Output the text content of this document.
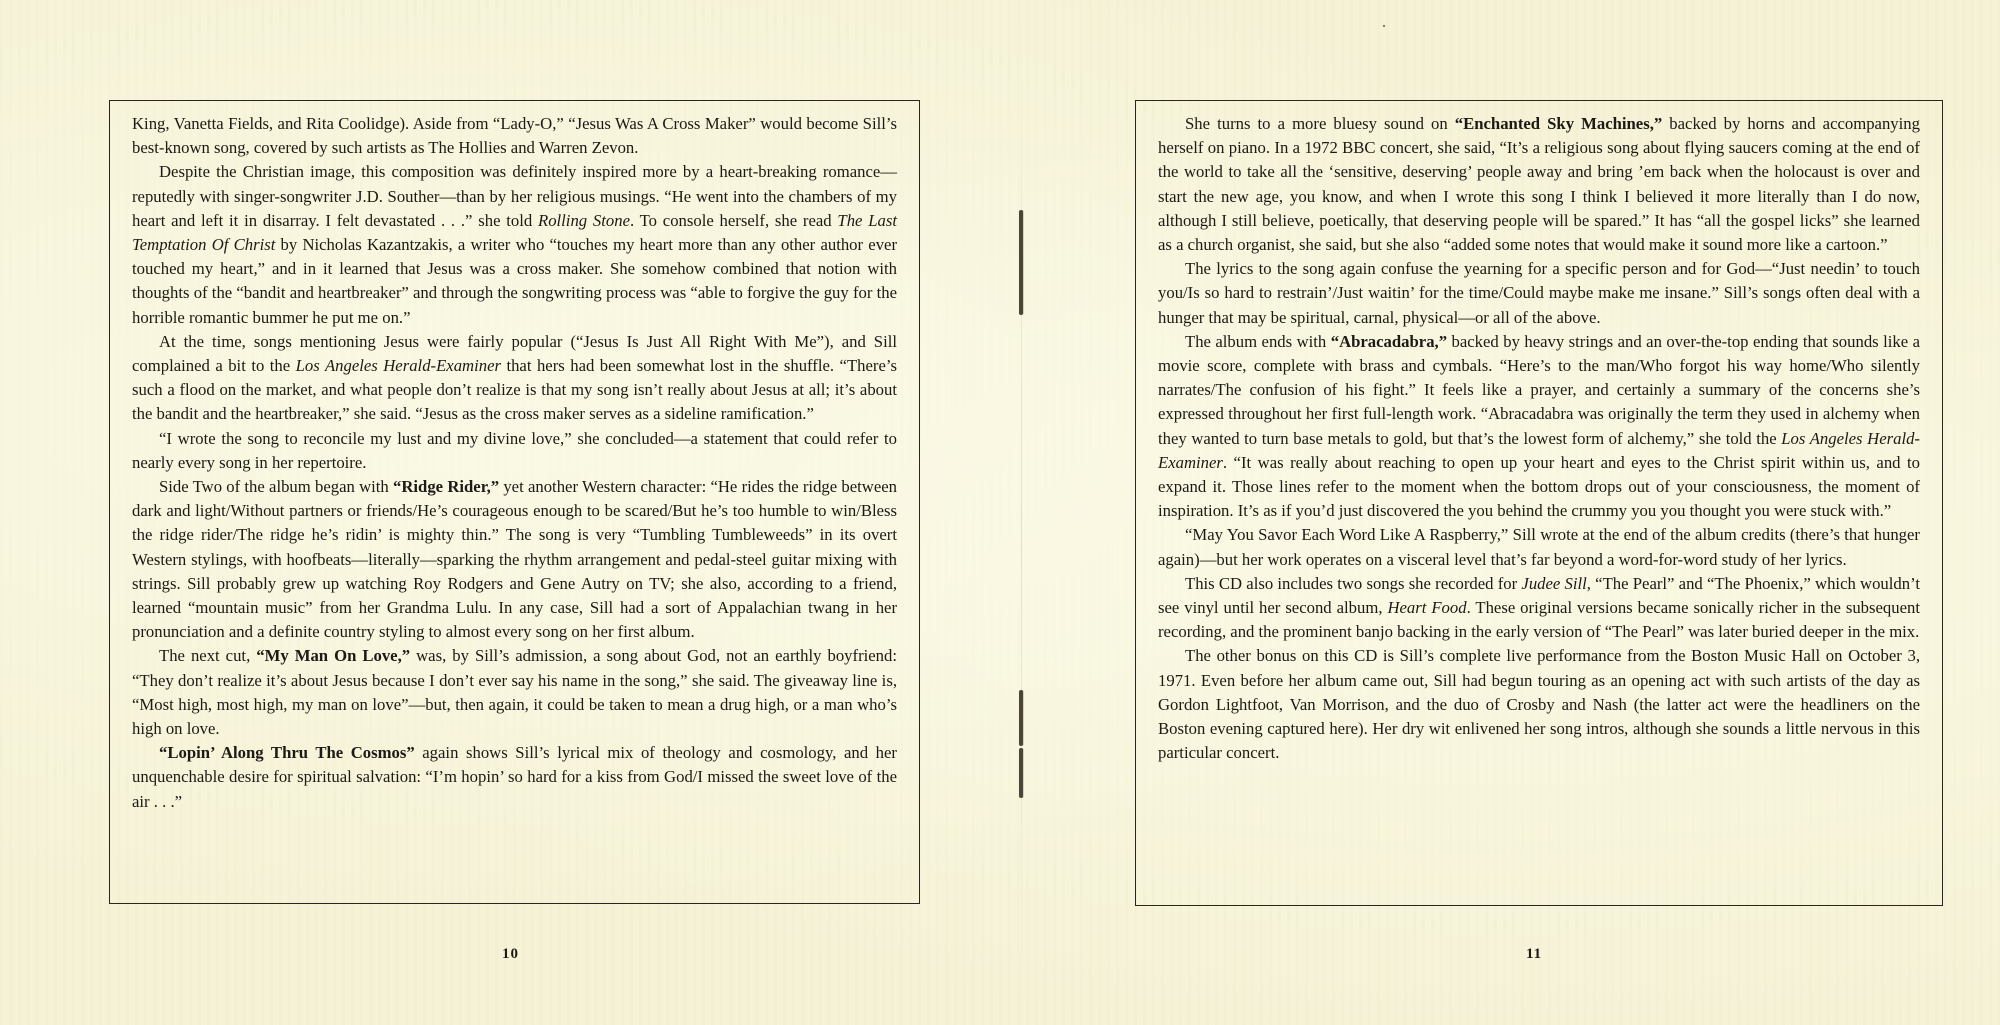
King, Vanetta Fields, and Rita Coolidge). Aside from “Lady-O,” “Jesus Was A Cross Maker” would become Sill’s best-known song, covered by such artists as The Hollies and Warren Zevon.

Despite the Christian image, this composition was definitely inspired more by a heart-breaking romance—reputedly with singer-songwriter J.D. Souther—than by her religious musings. “He went into the chambers of my heart and left it in disarray. I felt devastated . . .” she told Rolling Stone. To console herself, she read The Last Temptation Of Christ by Nicholas Kazantzakis, a writer who “touches my heart more than any other author ever touched my heart,” and in it learned that Jesus was a cross maker. She somehow combined that notion with thoughts of the “bandit and heartbreaker” and through the songwriting process was “able to forgive the guy for the horrible romantic bummer he put me on.”

At the time, songs mentioning Jesus were fairly popular (“Jesus Is Just All Right With Me”), and Sill complained a bit to the Los Angeles Herald-Examiner that hers had been somewhat lost in the shuffle. “There’s such a flood on the market, and what people don’t realize is that my song isn’t really about Jesus at all; it’s about the bandit and the heartbreaker,” she said. “Jesus as the cross maker serves as a sideline ramification.”

“I wrote the song to reconcile my lust and my divine love,” she concluded—a statement that could refer to nearly every song in her repertoire.

Side Two of the album began with “Ridge Rider,” yet another Western character: “He rides the ridge between dark and light/Without partners or friends/He’s courageous enough to be scared/But he’s too humble to win/Bless the ridge rider/The ridge he’s ridin’ is mighty thin.” The song is very “Tumbling Tumbleweeds” in its overt Western stylings, with hoofbeats—literally—sparking the rhythm arrangement and pedal-steel guitar mixing with strings. Sill probably grew up watching Roy Rodgers and Gene Autry on TV; she also, according to a friend, learned “mountain music” from her Grandma Lulu. In any case, Sill had a sort of Appalachian twang in her pronunciation and a definite country styling to almost every song on her first album.

The next cut, “My Man On Love,” was, by Sill’s admission, a song about God, not an earthly boyfriend: “They don’t realize it’s about Jesus because I don’t ever say his name in the song,” she said. The giveaway line is, “Most high, most high, my man on love”—but, then again, it could be taken to mean a drug high, or a man who’s high on love.

“Lopin’ Along Thru The Cosmos” again shows Sill’s lyrical mix of theology and cosmology, and her unquenchable desire for spiritual salvation: “I’m hopin’ so hard for a kiss from God/I missed the sweet love of the air . . .”

10

She turns to a more bluesy sound on “Enchanted Sky Machines,” backed by horns and accompanying herself on piano. In a 1972 BBC concert, she said, “It’s a religious song about flying saucers coming at the end of the world to take all the ‘sensitive, deserving’ people away and bring ’em back when the holocaust is over and start the new age, you know, and when I wrote this song I think I believed it more literally than I do now, although I still believe, poetically, that deserving people will be spared.” It has “all the gospel licks” she learned as a church organist, she said, but she also “added some notes that would make it sound more like a cartoon.”

The lyrics to the song again confuse the yearning for a specific person and for God—“Just needin’ to touch you/Is so hard to restrain’/Just waitin’ for the time/Could maybe make me insane.” Sill’s songs often deal with a hunger that may be spiritual, carnal, physical—or all of the above.

The album ends with “Abracadabra,” backed by heavy strings and an over-the-top ending that sounds like a movie score, complete with brass and cymbals. “Here’s to the man/Who forgot his way home/Who silently narrates/The confusion of his fight.” It feels like a prayer, and certainly a summary of the concerns she’s expressed throughout her first full-length work. “Abracadabra was originally the term they used in alchemy when they wanted to turn base metals to gold, but that’s the lowest form of alchemy,” she told the Los Angeles Herald-Examiner. “It was really about reaching to open up your heart and eyes to the Christ spirit within us, and to expand it. Those lines refer to the moment when the bottom drops out of your consciousness, the moment of inspiration. It’s as if you’d just discovered the you behind the crummy you you thought you were stuck with.”

“May You Savor Each Word Like A Raspberry,” Sill wrote at the end of the album credits (there’s that hunger again)—but her work operates on a visceral level that’s far beyond a word-for-word study of her lyrics.

This CD also includes two songs she recorded for Judee Sill, “The Pearl” and “The Phoenix,” which wouldn’t see vinyl until her second album, Heart Food. These original versions became sonically richer in the subsequent recording, and the prominent banjo backing in the early version of “The Pearl” was later buried deeper in the mix.

The other bonus on this CD is Sill’s complete live performance from the Boston Music Hall on October 3, 1971. Even before her album came out, Sill had begun touring as an opening act with such artists of the day as Gordon Lightfoot, Van Morrison, and the duo of Crosby and Nash (the latter act were the headliners on the Boston evening captured here). Her dry wit enlivened her song intros, although she sounds a little nervous in this particular concert.

11
